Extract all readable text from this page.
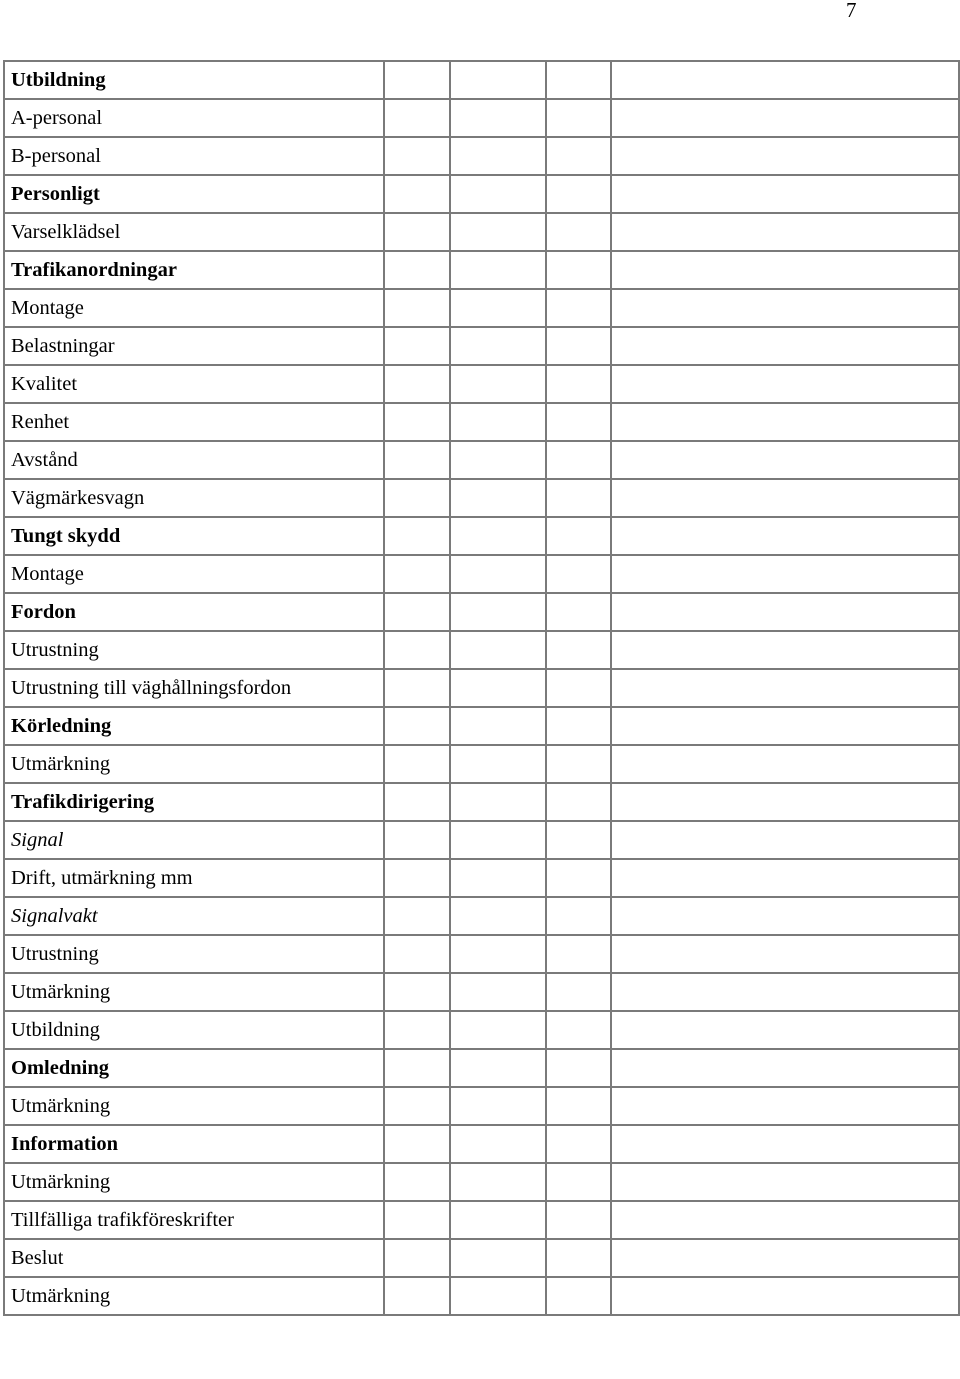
7
Utbildning				
A-personal				
B-personal				
Personligt				
Varselklädsel				
Trafikanordningar				
Montage				
Belastningar				
Kvalitet				
Renhet				
Avstånd				
Vägmärkesvagn				
Tungt skydd				
Montage				
Fordon				
Utrustning				
Utrustning till väghållningsfordon				
Körledning				
Utmärkning				
Trafikdirigering				
Signal				
Drift, utmärkning mm				
Signalvakt				
Utrustning				
Utmärkning				
Utbildning				
Omledning				
Utmärkning				
Information				
Utmärkning				
Tillfälliga trafikföreskrifter				
Beslut				
Utmärkning				
